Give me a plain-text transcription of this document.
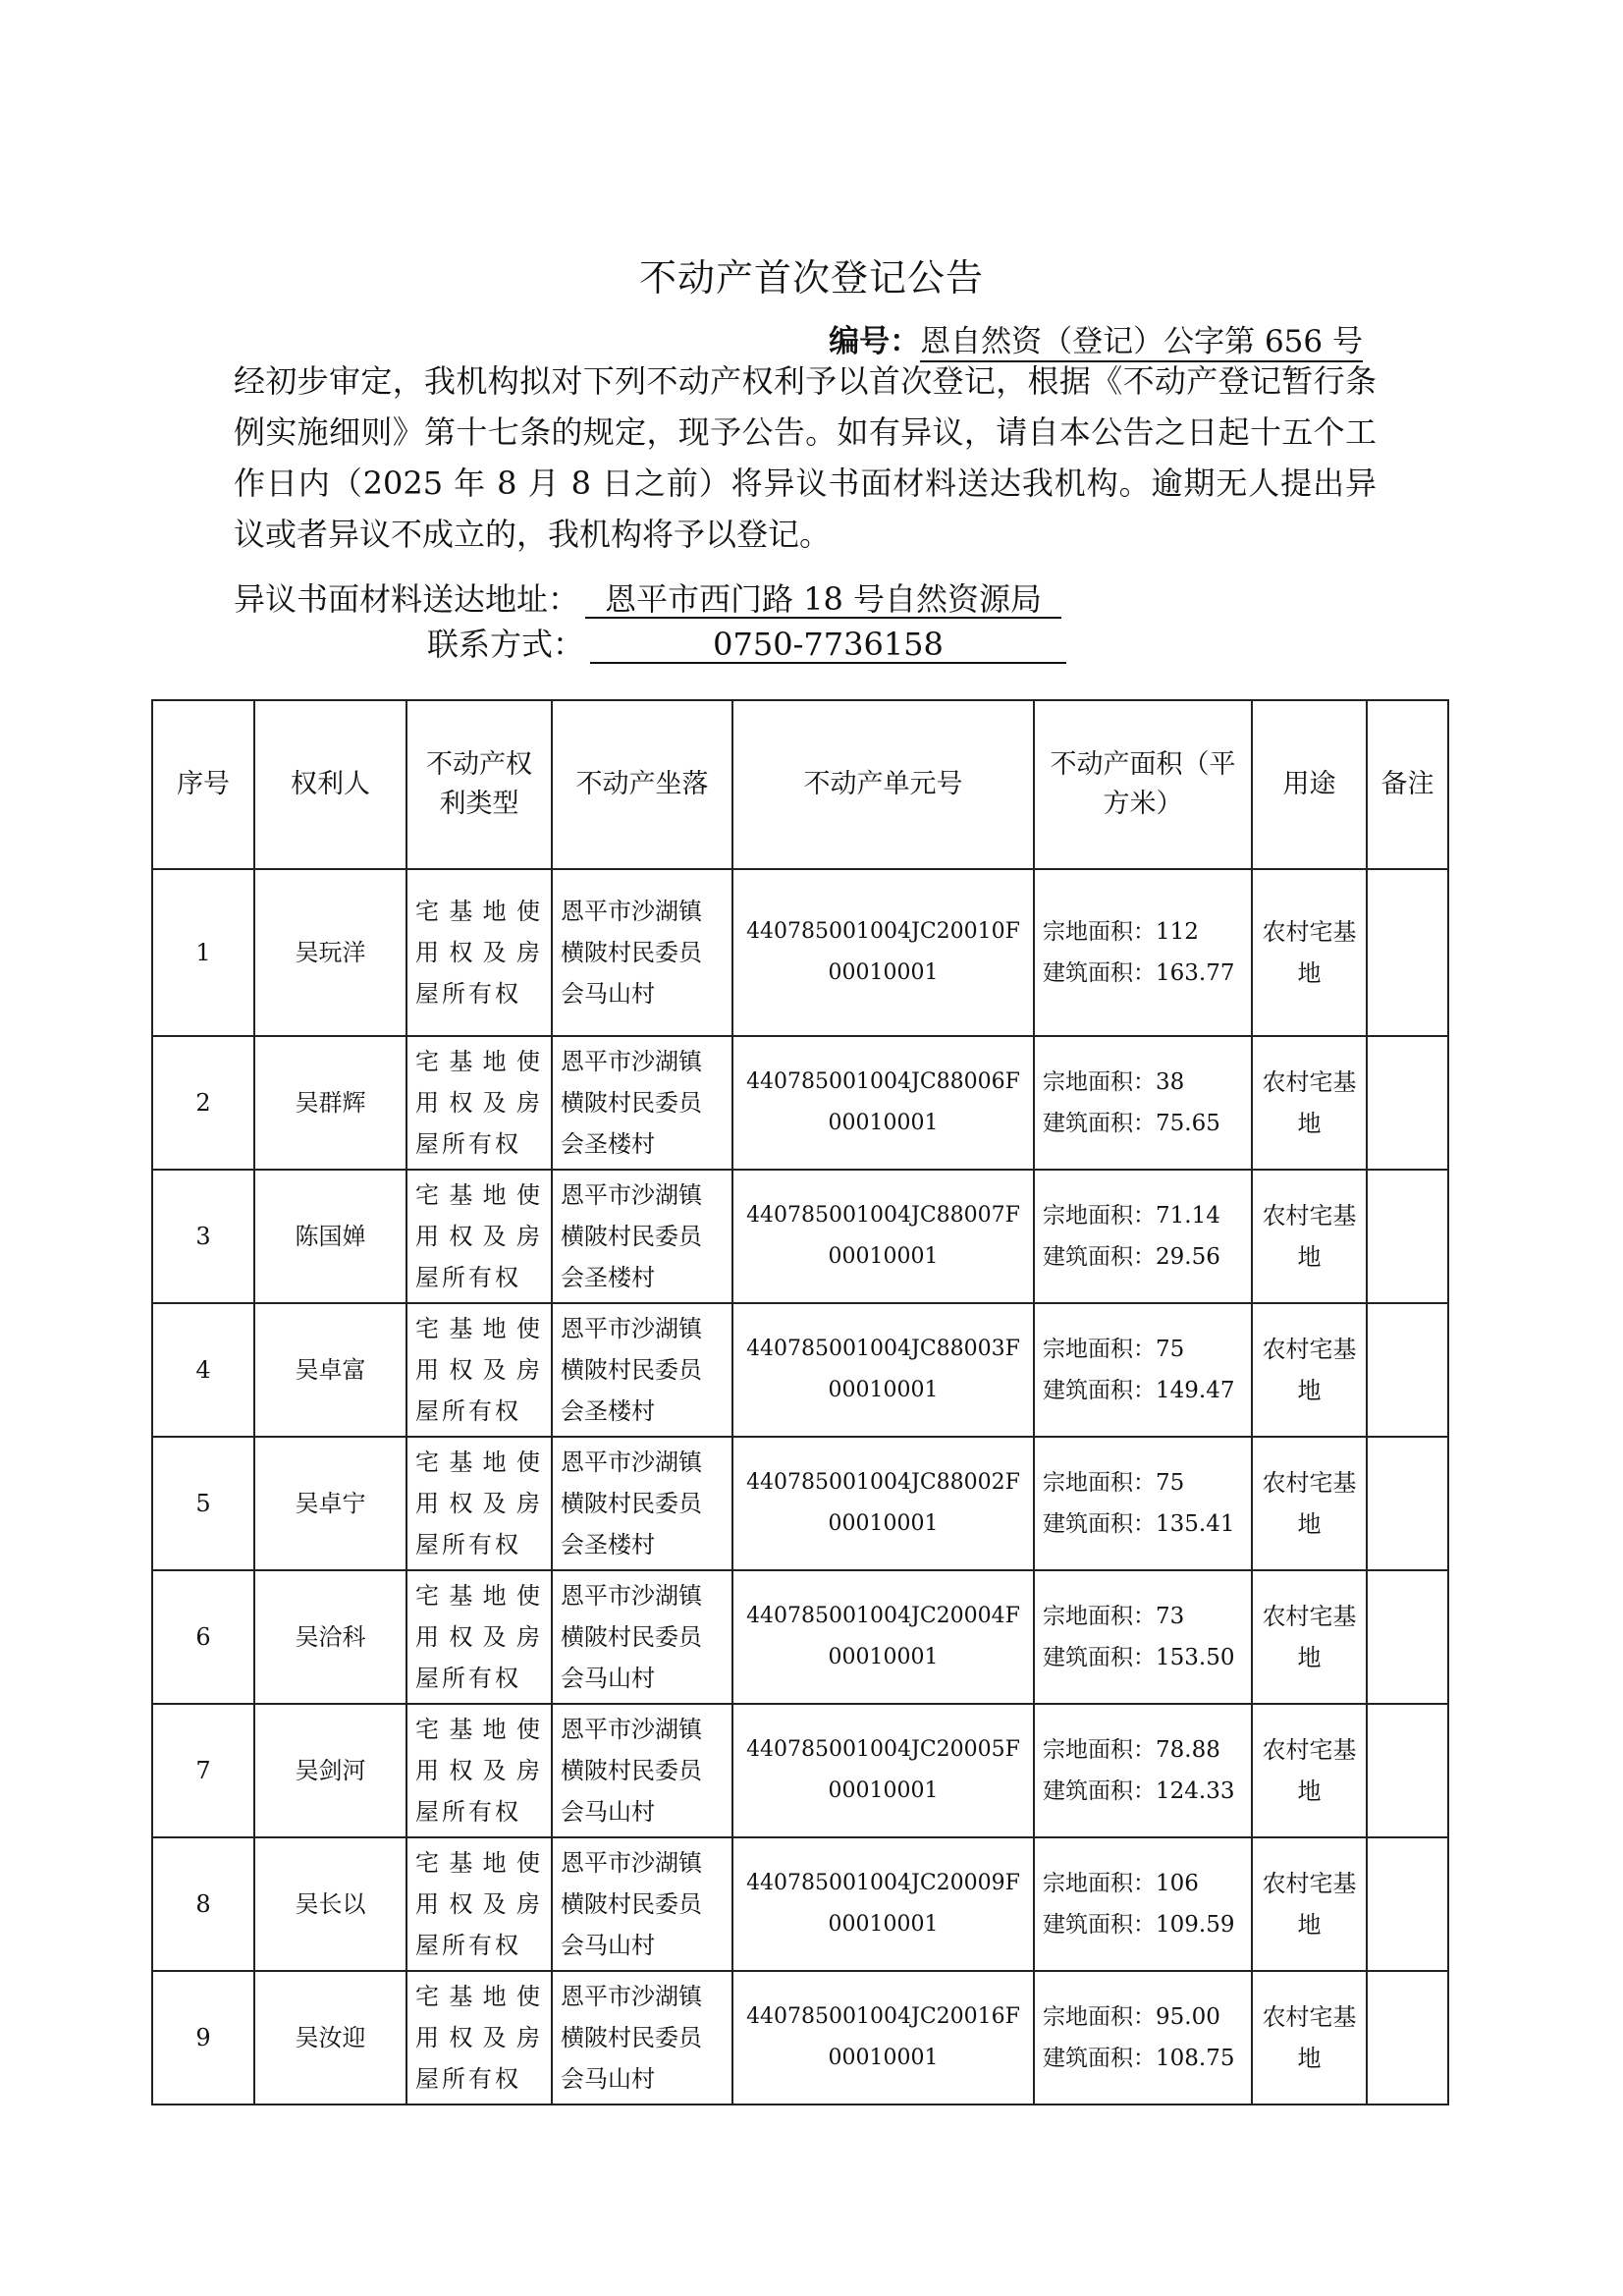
不动产首次登记公告
编号：恩自然资（登记）公字第 656 号

经初步审定，我机构拟对下列不动产权利予以首次登记，根据《不动产登记暂行条例实施细则》第十七条的规定，现予公告。如有异议，请自本公告之日起十五个工作日内（2025 年 8 月 8 日之前）将异议书面材料送达我机构。逾期无人提出异议或者异议不成立的，我机构将予以登记。

异议书面材料送达地址： 恩平市西门路 18 号自然资源局
联系方式：	0750-7736158
序号	权利人	不动产权利类型	不动产坐落	不动产单元号	不动产面积（平方米）	用途	备注
1	吴玩洋	宅基地使用权及房屋所有权	恩平市沙湖镇横陂村民委员会马山村	440785001004JC20010F00010001	宗地面积：112
建筑面积：163.77	农村宅基地	
2	吴群辉	宅基地使用权及房屋所有权	恩平市沙湖镇横陂村民委员会圣楼村	440785001004JC88006F00010001	宗地面积：38
建筑面积：75.65	农村宅基地	
3	陈国婵	宅基地使用权及房屋所有权	恩平市沙湖镇横陂村民委员会圣楼村	440785001004JC88007F00010001	宗地面积：71.14
建筑面积：29.56	农村宅基地	
4	吴卓富	宅基地使用权及房屋所有权	恩平市沙湖镇横陂村民委员会圣楼村	440785001004JC88003F00010001	宗地面积：75
建筑面积：149.47	农村宅基地	
5	吴卓宁	宅基地使用权及房屋所有权	恩平市沙湖镇横陂村民委员会圣楼村	440785001004JC88002F00010001	宗地面积：75
建筑面积：135.41	农村宅基地	
6	吴洽科	宅基地使用权及房屋所有权	恩平市沙湖镇横陂村民委员会马山村	440785001004JC20004F00010001	宗地面积：73
建筑面积：153.50	农村宅基地	
7	吴剑河	宅基地使用权及房屋所有权	恩平市沙湖镇横陂村民委员会马山村	440785001004JC20005F00010001	宗地面积：78.88
建筑面积：124.33	农村宅基地	
8	吴长以	宅基地使用权及房屋所有权	恩平市沙湖镇横陂村民委员会马山村	440785001004JC20009F00010001	宗地面积：106
建筑面积：109.59	农村宅基地	
9	吴汝迎	宅基地使用权及房屋所有权	恩平市沙湖镇横陂村民委员会马山村	440785001004JC20016F00010001	宗地面积：95.00
建筑面积：108.75	农村宅基地	
